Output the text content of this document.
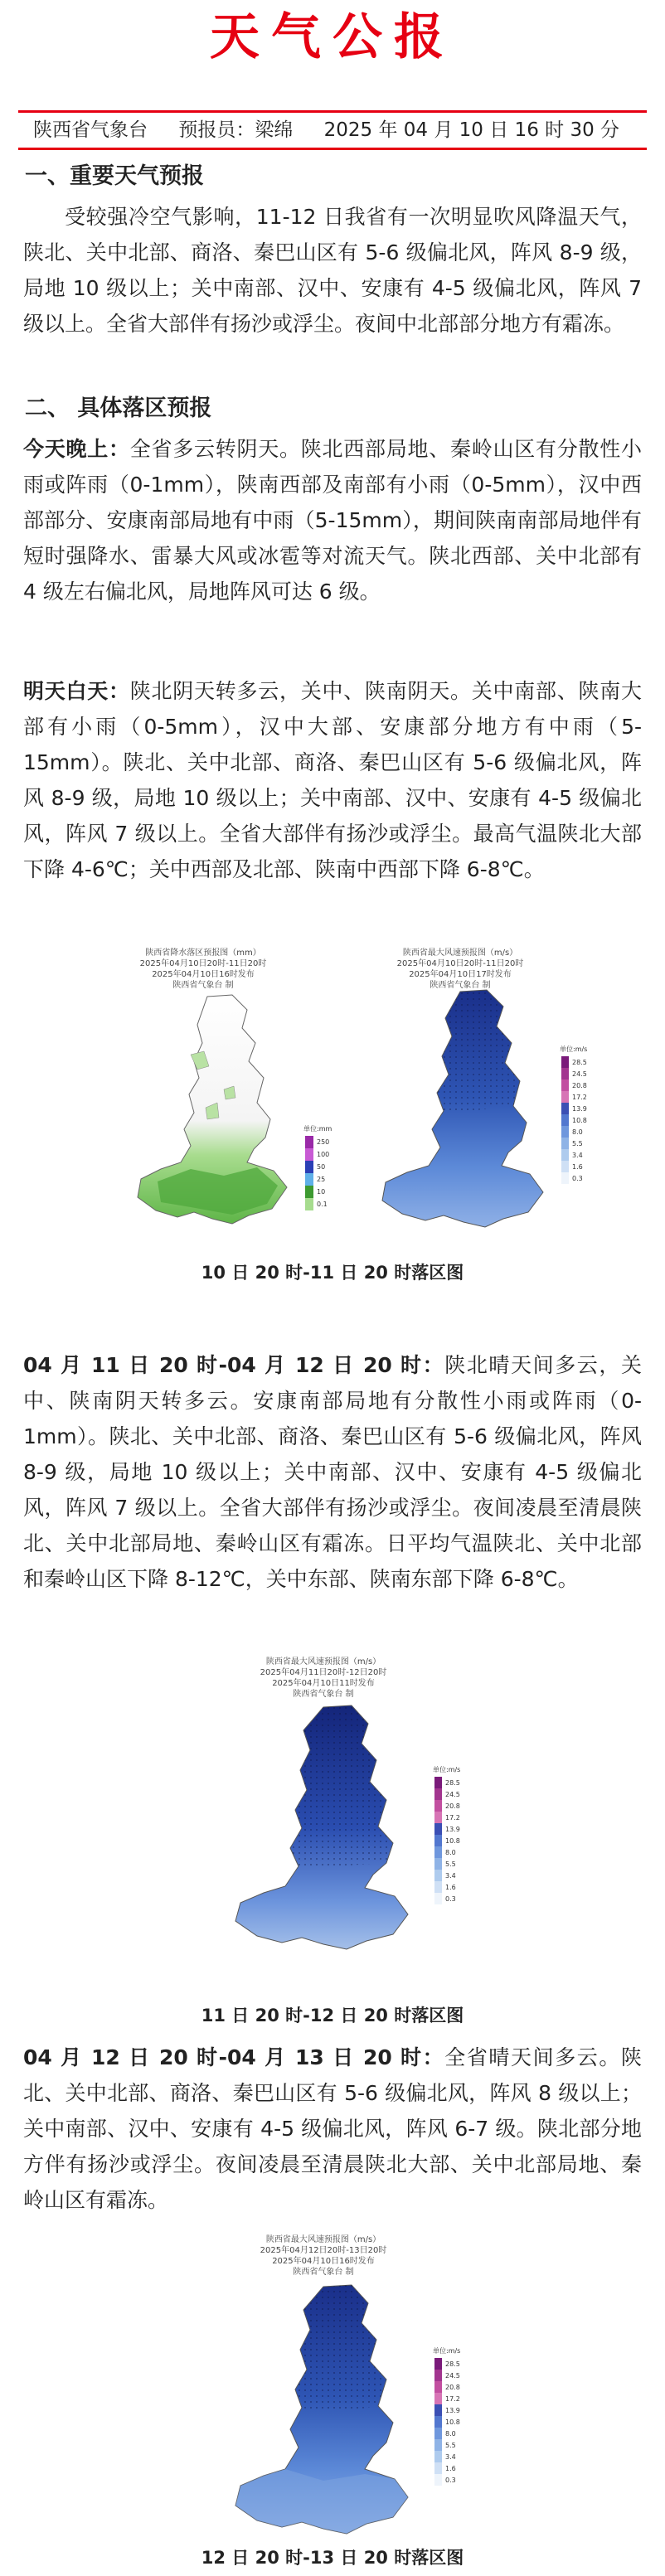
天气公报
陕西省气象台 预报员：梁绵 2025 年 04 月 10 日 16 时 30 分
一、重要天气预报

受较强冷空气影响，11-12 日我省有一次明显吹风降温天气，陕北、关中北部、商洛、秦巴山区有 5-6 级偏北风，阵风 8-9 级，局地 10 级以上；关中南部、汉中、安康有 4-5 级偏北风，阵风 7 级以上。全省大部伴有扬沙或浮尘。夜间中北部部分地方有霜冻。

二、 具体落区预报

今天晚上：全省多云转阴天。陕北西部局地、秦岭山区有分散性小雨或阵雨（0-1mm），陕南西部及南部有小雨（0-5mm），汉中西部部分、安康南部局地有中雨（5-15mm），期间陕南南部局地伴有短时强降水、雷暴大风或冰雹等对流天气。陕北西部、关中北部有 4 级左右偏北风，局地阵风可达 6 级。

明天白天：陕北阴天转多云，关中、陕南阴天。关中南部、陕南大部有小雨（0-5mm），汉中大部、安康部分地方有中雨（5-15mm）。陕北、关中北部、商洛、秦巴山区有 5-6 级偏北风，阵风 8-9 级，局地 10 级以上；关中南部、汉中、安康有 4-5 级偏北风，阵风 7 级以上。全省大部伴有扬沙或浮尘。最高气温陕北大部下降 4-6℃；关中西部及北部、陕南中西部下降 6-8℃。

陕西省降水落区预报图（mm）
2025年04月10日20时-11日20时
2025年04月10日16时发布
陕西省气象台 制
单位:mm
250
100
50
25
10
0.1
陕西省最大风速预报图（m/s）
2025年04月10日20时-11日20时
2025年04月10日17时发布
陕西省气象台 制
28.5
24.5
20.8
17.2
13.9
10.8
8.0
5.5
3.4
1.6
0.3
单位:m/s
10 日 20 时-11 日 20 时落区图

04 月 11 日 20 时-04 月 12 日 20 时：陕北晴天间多云，关中、陕南阴天转多云。安康南部局地有分散性小雨或阵雨（0-1mm）。陕北、关中北部、商洛、秦巴山区有 5-6 级偏北风，阵风 8-9 级，局地 10 级以上；关中南部、汉中、安康有 4-5 级偏北风，阵风 7 级以上。全省大部伴有扬沙或浮尘。夜间凌晨至清晨陕北、关中北部局地、秦岭山区有霜冻。日平均气温陕北、关中北部和秦岭山区下降 8-12℃，关中东部、陕南东部下降 6-8℃。

陕西省最大风速预报图（m/s）
2025年04月11日20时-12日20时
2025年04月10日11时发布
陕西省气象台 制
28.5
24.5
20.8
17.2
13.9
10.8
8.0
5.5
3.4
1.6
0.3
单位:m/s
11 日 20 时-12 日 20 时落区图

04 月 12 日 20 时-04 月 13 日 20 时：全省晴天间多云。陕北、关中北部、商洛、秦巴山区有 5-6 级偏北风，阵风 8 级以上；关中南部、汉中、安康有 4-5 级偏北风，阵风 6-7 级。陕北部分地方伴有扬沙或浮尘。夜间凌晨至清晨陕北大部、关中北部局地、秦岭山区有霜冻。

陕西省最大风速预报图（m/s）
2025年04月12日20时-13日20时
2025年04月10日16时发布
陕西省气象台 制
28.5
24.5
20.8
17.2
13.9
10.8
8.0
5.5
3.4
1.6
0.3
单位:m/s
12 日 20 时-13 日 20 时落区图
